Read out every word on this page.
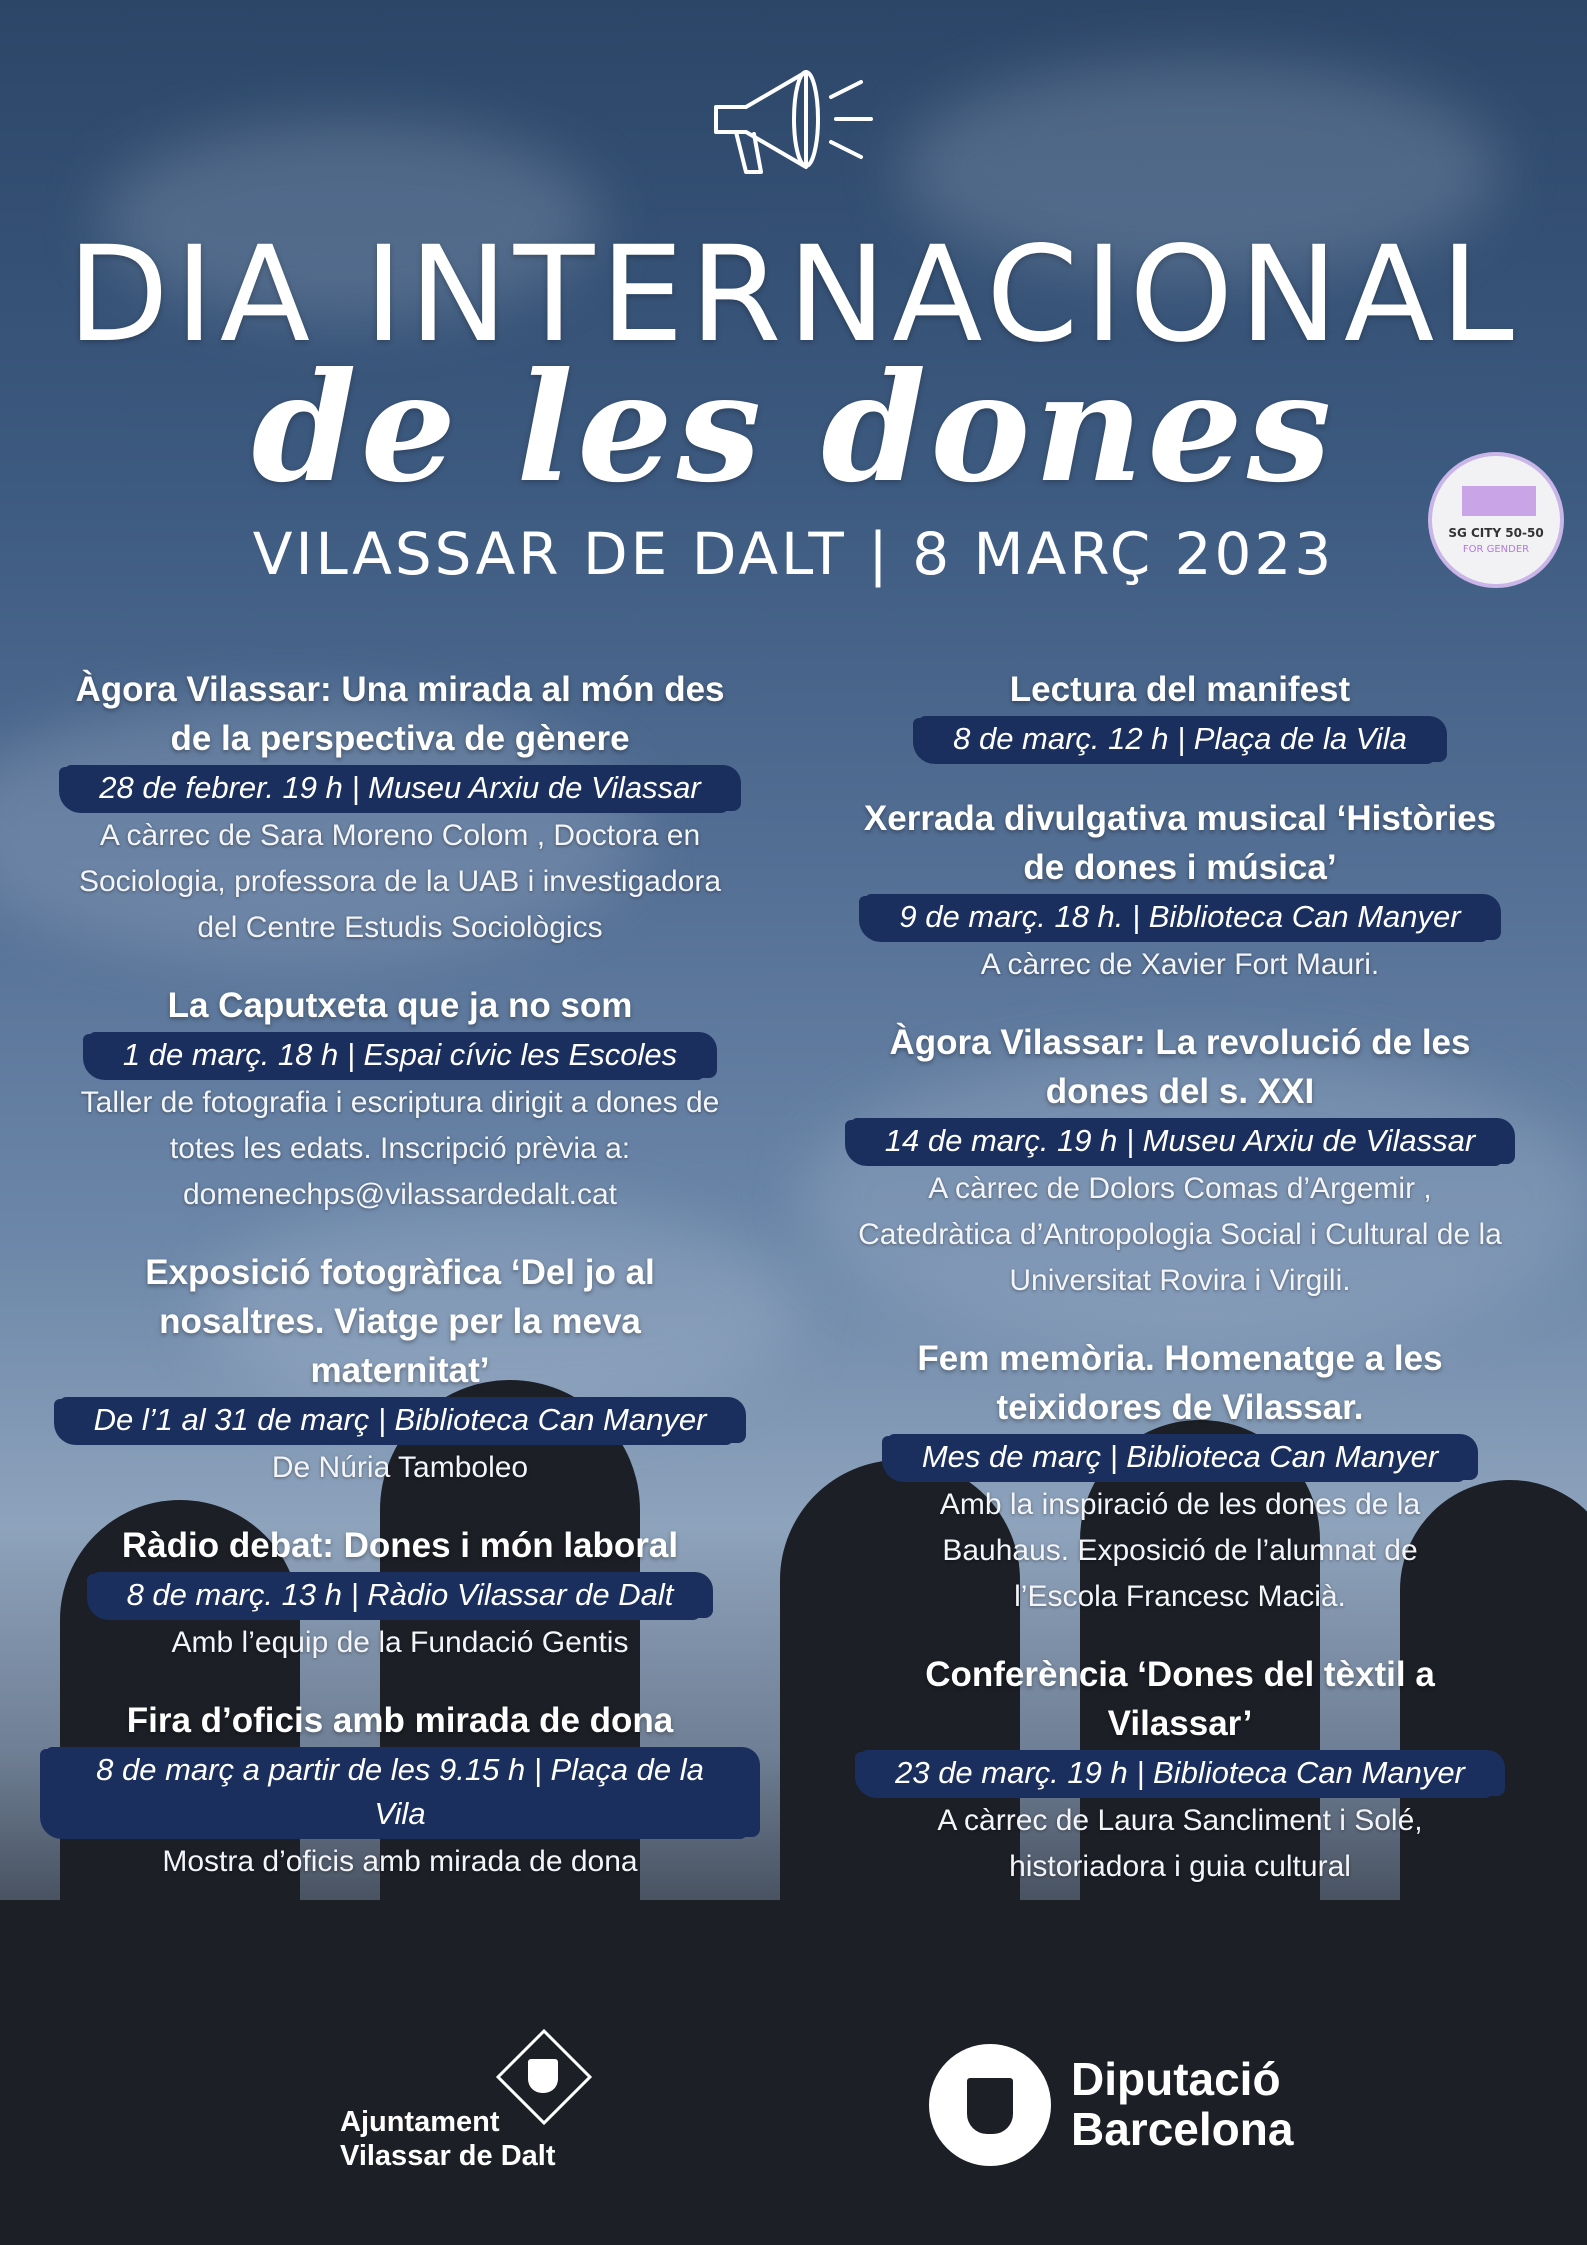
DIA INTERNACIONAL
de les dones
VILASSAR DE DALT | 8 MARÇ 2023	SG CITY 50-50
FOR GENDER
Àgora Vilassar: Una mirada al món des de la perspectiva de gènere
28 de febrer. 19 h | Museu Arxiu de Vilassar
A càrrec de Sara Moreno Colom , Doctora en Sociologia, professora de la UAB i investigadora del Centre Estudis Sociològics
La Caputxeta que ja no som
1 de març. 18 h | Espai cívic les Escoles
Taller de fotografia i escriptura dirigit a dones de totes les edats. Inscripció prèvia a: domenechps@vilassardedalt.cat
Exposició fotogràfica ‘Del jo al nosaltres. Viatge per la meva maternitat’
De l’1 al 31 de març | Biblioteca Can Manyer
De Núria Tamboleo
Ràdio debat: Dones i món laboral
8 de març. 13 h | Ràdio Vilassar de Dalt
Amb l’equip de la Fundació Gentis
Fira d’oficis amb mirada de dona
8 de març a partir de les 9.15 h | Plaça de la Vila
Mostra d’oficis amb mirada de dona
Lectura del manifest
8 de març. 12 h | Plaça de la Vila
Xerrada divulgativa musical ‘Històries de dones i música’
9 de març. 18 h. | Biblioteca Can Manyer
A càrrec de Xavier Fort Mauri.
Àgora Vilassar: La revolució de les dones del s. XXI
14 de març. 19 h | Museu Arxiu de Vilassar
A càrrec de Dolors Comas d’Argemir , Catedràtica d’Antropologia Social i Cultural de la Universitat Rovira i Virgili.
Fem memòria. Homenatge a les teixidores de Vilassar.
Mes de març | Biblioteca Can Manyer
Amb la inspiració de les dones de la Bauhaus. Exposició de l’alumnat de l’Escola Francesc Macià.
Conferència ‘Dones del tèxtil a Vilassar’
23 de març. 19 h | Biblioteca Can Manyer
A càrrec de Laura Sancliment i Solé, historiadora i guia cultural
Ajuntament
Vilassar de Dalt
Diputació
Barcelona
